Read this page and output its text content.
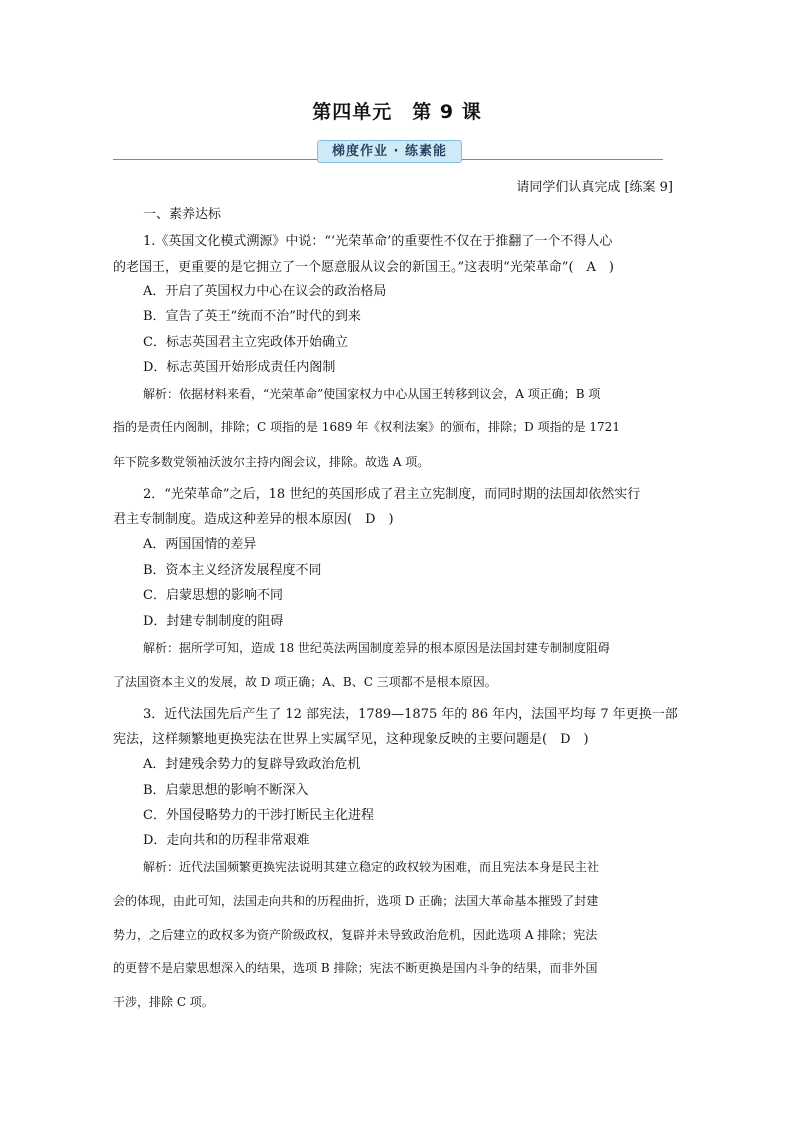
第四单元　第 9 课
梯度作业 · 练素能
请同学们认真完成 [练案 9]
一、素养达标
1.《英国文化模式溯源》中说：“‘光荣革命’的重要性不仅在于推翻了一个不得人心
的老国王，更重要的是它拥立了一个愿意服从议会的新国王。”这表明“光荣革命”(　A　)
A．开启了英国权力中心在议会的政治格局
B．宣告了英王“统而不治”时代的到来
C．标志英国君主立宪政体开始确立
D．标志英国开始形成责任内阁制
解析：依据材料来看，“光荣革命”使国家权力中心从国王转移到议会，A 项正确；B 项
指的是责任内阁制，排除；C 项指的是 1689 年《权利法案》的颁布，排除；D 项指的是 1721
年下院多数党领袖沃波尔主持内阁会议，排除。故选 A 项。
2．“光荣革命”之后，18 世纪的英国形成了君主立宪制度，而同时期的法国却依然实行
君主专制制度。造成这种差异的根本原因(　D　)
A．两国国情的差异
B．资本主义经济发展程度不同
C．启蒙思想的影响不同
D．封建专制制度的阻碍
解析：据所学可知，造成 18 世纪英法两国制度差异的根本原因是法国封建专制制度阻碍
了法国资本主义的发展，故 D 项正确；A、B、C 三项都不是根本原因。
3．近代法国先后产生了 12 部宪法，1789—1875 年的 86 年内，法国平均每 7 年更换一部
宪法，这样频繁地更换宪法在世界上实属罕见，这种现象反映的主要问题是(　D　)
A．封建残余势力的复辟导致政治危机
B．启蒙思想的影响不断深入
C．外国侵略势力的干涉打断民主化进程
D．走向共和的历程非常艰难
解析：近代法国频繁更换宪法说明其建立稳定的政权较为困难，而且宪法本身是民主社
会的体现，由此可知，法国走向共和的历程曲折，选项 D 正确；法国大革命基本摧毁了封建
势力，之后建立的政权多为资产阶级政权，复辟并未导致政治危机，因此选项 A 排除；宪法
的更替不是启蒙思想深入的结果，选项 B 排除；宪法不断更换是国内斗争的结果，而非外国
干涉，排除 C 项。
